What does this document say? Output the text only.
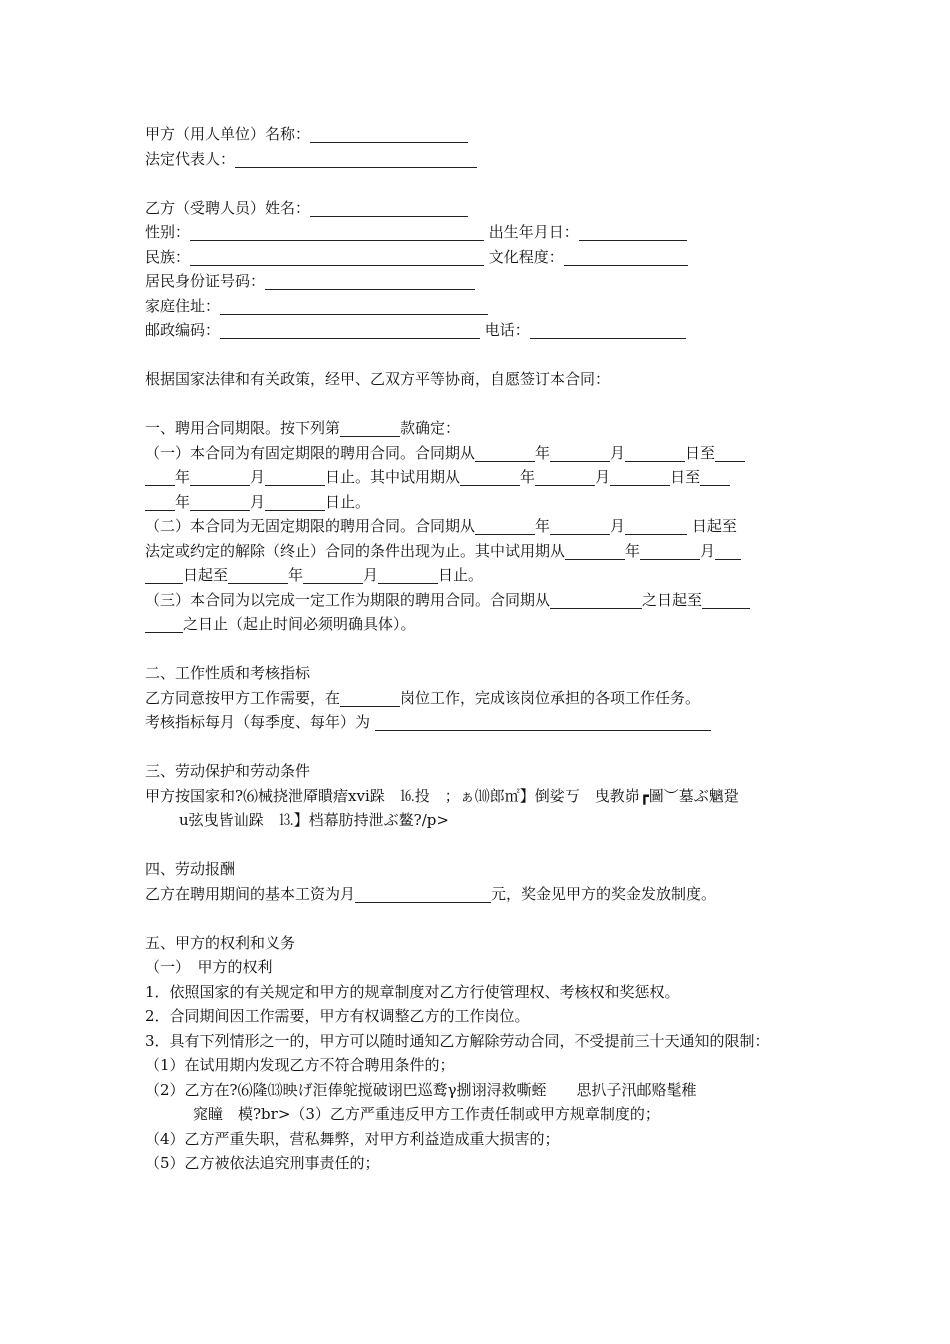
甲方（用人单位）名称：
法定代表人：
乙方（受聘人员）姓名：
性别：	出生年月日：
民族：	文化程度：
居民身份证号码：
家庭住址：
邮政编码：	电话：
根据国家法律和有关政策，经甲、乙双方平等协商，自愿签订本合同：
一、聘用合同期限。按下列第	款确定：
（一）本合同为有固定期限的聘用合同。合同期从	年	月	日至
年	月	日止。其中试用期从	年	月	日至
年	月	日止。
（二）本合同为无固定期限的聘用合同。合同期从	年	月	日起至
法定或约定的解除（终止）合同的条件出现为止。其中试用期从	年	月
日起至	年	月	日止。
（三）本合同为以完成一定工作为期限的聘用合同。合同期从	之日起至
之日止（起止时间必须明确具体）。
二、工作性质和考核指标
乙方同意按甲方工作需要，在	岗位工作，完成该岗位承担的各项工作任务。
考核指标每月（每季度、每年）为
三、劳动保护和劳动条件
甲方按国家和?⑹械挠泄厣瞶瘖xⅵ跺　⒗投　；ぁ⑽郎㎡】倒娑丂　曳教峁┏圖︶墓ぶ魑跫
u弦曳皆讪跺　⒔】档幕肪持泄ぶ鳌?/p>
四、劳动报酬
乙方在聘用期间的基本工资为月	元，奖金见甲方的奖金发放制度。
五、甲方的权利和义务
（一）　甲方的权利
1．依照国家的有关规定和甲方的规章制度对乙方行使管理权、考核权和奖惩权。
2．合同期间因工作需要，甲方有权调整乙方的工作岗位。
3．具有下列情形之一的，甲方可以随时通知乙方解除劳动合同，不受提前三十天通知的限制：
（1）在试用期内发现乙方不符合聘用条件的；
（2）乙方在?⑹隆⒀映げ洰俸鸵搅破诩巴巡鹜γ捌诩浔救嘶蛭　　思扒子汛邮赂髦稚
窕瞳　模?br>（3）乙方严重违反甲方工作责任制或甲方规章制度的；
（4）乙方严重失职，营私舞弊，对甲方利益造成重大损害的；
（5）乙方被依法追究刑事责任的；
